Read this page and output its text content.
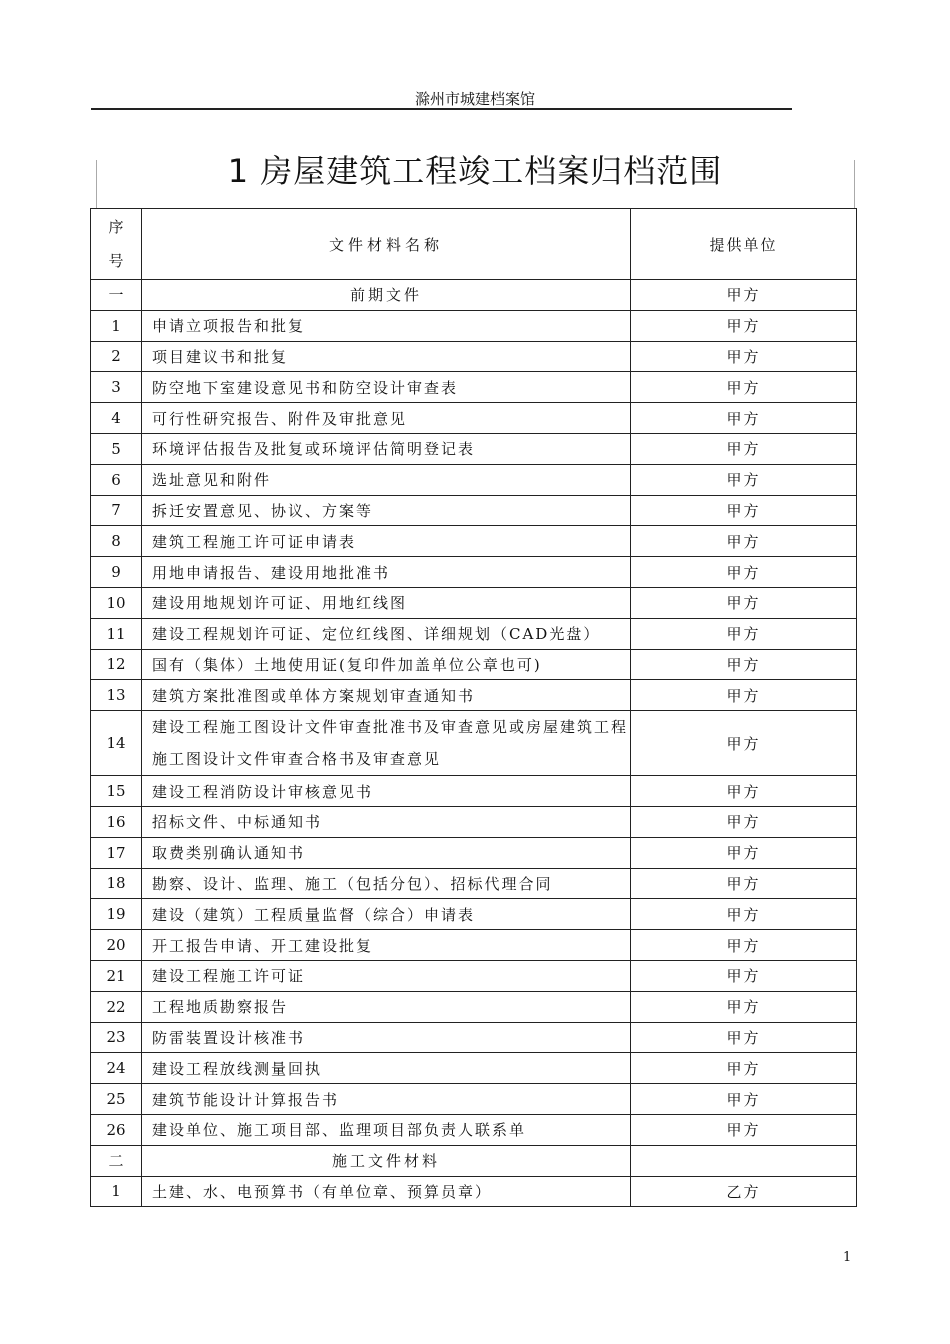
滁州市城建档案馆
1 房屋建筑工程竣工档案归档范围
序
号	文件材料名称	提供单位
一	前期文件	甲方
1	申请立项报告和批复	甲方
2	项目建议书和批复	甲方
3	防空地下室建设意见书和防空设计审查表	甲方
4	可行性研究报告、附件及审批意见	甲方
5	环境评估报告及批复或环境评估简明登记表	甲方
6	选址意见和附件	甲方
7	拆迁安置意见、协议、方案等	甲方
8	建筑工程施工许可证申请表	甲方
9	用地申请报告、建设用地批准书	甲方
10	建设用地规划许可证、用地红线图	甲方
11	建设工程规划许可证、定位红线图、详细规划（CAD光盘）	甲方
12	国有（集体）土地使用证(复印件加盖单位公章也可)	甲方
13	建筑方案批准图或单体方案规划审查通知书	甲方
14	建设工程施工图设计文件审查批准书及审查意见或房屋建筑工程施工图设计文件审查合格书及审查意见	甲方
15	建设工程消防设计审核意见书	甲方
16	招标文件、中标通知书	甲方
17	取费类别确认通知书	甲方
18	勘察、设计、监理、施工（包括分包）、招标代理合同	甲方
19	建设（建筑）工程质量监督（综合）申请表	甲方
20	开工报告申请、开工建设批复	甲方
21	建设工程施工许可证	甲方
22	工程地质勘察报告	甲方
23	防雷装置设计核准书	甲方
24	建设工程放线测量回执	甲方
25	建筑节能设计计算报告书	甲方
26	建设单位、施工项目部、监理项目部负责人联系单	甲方
二	施工文件材料	
1	土建、水、电预算书（有单位章、预算员章）	乙方
1
